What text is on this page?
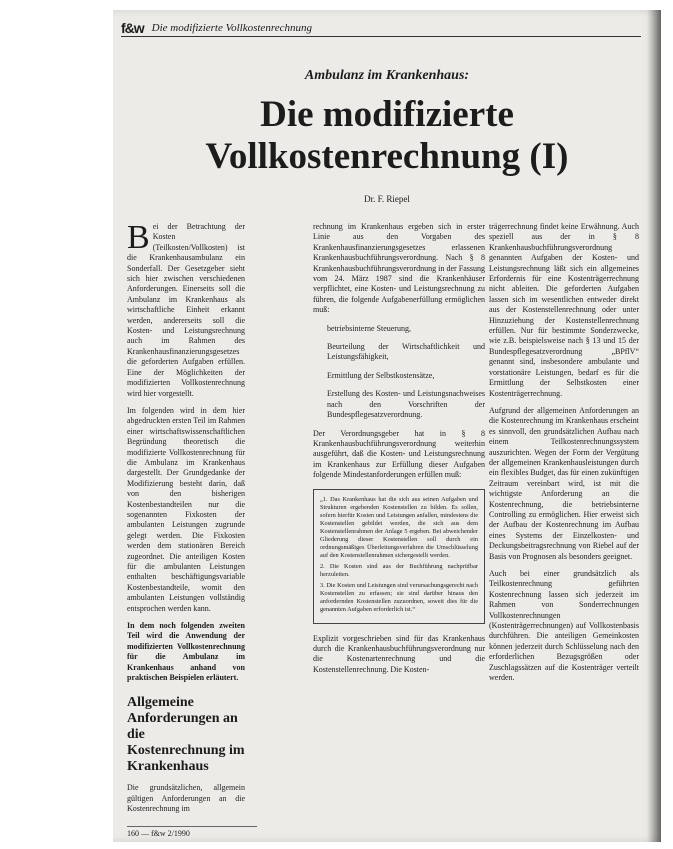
f&w Die modifizierte Vollkostenrechnung
Ambulanz im Krankenhaus:
Die modifizierte
Vollkostenrechnung (I)
Dr. F. Riepel

Bei der Betrachtung der Kosten (Teilkosten/Vollkosten) ist die Krankenhausambulanz ein Sonderfall. Der Gesetzgeber sieht sich hier zwischen verschiedenen Anforderungen. Einerseits soll die Ambulanz im Krankenhaus als wirtschaftliche Einheit erkannt werden, andererseits soll die Kosten- und Leistungsrechnung auch im Rahmen des Krankenhausfinanzierungsgesetzes die geforderten Aufgaben erfüllen. Eine der Möglichkeiten der modifizierten Vollkostenrechnung wird hier vorgestellt.

Im folgenden wird in dem hier abgedruckten ersten Teil im Rahmen einer wirtschaftswissenschaftlichen Begründung theoretisch die modifizierte Vollkostenrechnung für die Ambulanz im Krankenhaus dargestellt. Der Grundgedanke der Modifizierung besteht darin, daß von den bisherigen Kostenbestandteilen nur die sogenannten Fixkosten der ambulanten Leistungen zugrunde gelegt werden. Die Fixkosten werden dem stationären Bereich zugeordnet. Die anteiligen Kosten für die ambulanten Leistungen enthalten beschäftigungsvariable Kostenbestandteile, womit den ambulanten Leistungen vollständig entsprochen werden kann.

In dem noch folgenden zweiten Teil wird die Anwendung der modifizierten Vollkostenrechnung für die Ambulanz im Krankenhaus anhand von praktischen Beispielen erläutert.

Allgemeine Anforderungen an die Kostenrechnung im Krankenhaus

Die grundsätzlichen, allgemein gültigen Anforderungen an die Kostenrechnung im

rechnung im Krankenhaus ergeben sich in erster Linie aus den Vorgaben des Krankenhausfinanzierungsgesetzes erlassenen Krankenhausbuchführungsverordnung. Nach § 8 Krankenhausbuchführungsverordnung in der Fassung vom 24. März 1987 sind die Krankenhäuser verpflichtet, eine Kosten- und Leistungsrechnung zu führen, die folgende Aufgabenerfüllung ermöglichen muß:

betriebsinterne Steuerung,
Beurteilung der Wirtschaftlichkeit und Leistungsfähigkeit,
Ermittlung der Selbstkostensätze,
Erstellung des Kosten- und Leistungsnachweises nach den Vorschriften der Bundespflegesatzverordnung.

Der Verordnungsgeber hat in § 8 Krankenhausbuchführungsverordnung weiterhin ausgeführt, daß die Kosten- und Leistungsrechnung im Krankenhaus zur Erfüllung dieser Aufgaben folgende Mindestanforderungen erfüllen muß:

„1. Das Krankenhaus hat die sich aus seinen Aufgaben und Strukturen ergebenden Kostenstellen zu bilden. Es sollen, sofern hierfür Kosten und Leistungen anfallen, mindestens die Kostenstellen gebildet werden, die sich aus dem Kostenstellenrahmen der Anlage 5 ergeben. Bei abweichender Gliederung dieser Kostenstellen soll durch ein ordnungsmäßiges Überleitungsverfahren die Umschlüsselung auf den Kostenstellenrahmen sichergestellt werden.

2. Die Kosten sind aus der Buchführung nachprüfbar herzuleiten.

3. Die Kosten und Leistungen sind verursachungsgerecht nach Kostenstellen zu erfassen; sie sind darüber hinaus den anfordernden Kostenstellen zuzuordnen, soweit dies für die genannten Aufgaben erforderlich ist.“

Explizit vorgeschrieben sind für das Krankenhaus durch die Krankenhausbuchführungsverordnung nur die Kostenartenrechnung und die Kostenstellenrechnung. Die Kosten-

trägerrechnung findet keine Erwähnung. Auch speziell aus der in § 8 Krankenhausbuchführungsverordnung genannten Aufgaben der Kosten- und Leistungsrechnung läßt sich ein allgemeines Erfordernis für eine Kostenträgerrechnung nicht ableiten. Die geforderten Aufgaben lassen sich im wesentlichen entweder direkt aus der Kostenstellenrechnung oder unter Hinzuziehung der Kostenstellenrechnung erfüllen. Nur für bestimmte Sonderzwecke, wie z.B. beispielsweise nach § 13 und 15 der Bundespflegesatzverordnung „BPflV“ genannt sind, insbesondere ambulante und vorstationäre Leistungen, bedarf es für die Ermittlung der Selbstkosten einer Kostenträgerrechnung.

Aufgrund der allgemeinen Anforderungen an die Kostenrechnung im Krankenhaus erscheint es sinnvoll, den grundsätzlichen Aufbau nach einem Teilkostenrechnungssystem auszurichten. Wegen der Form der Vergütung der allgemeinen Krankenhausleistungen durch ein flexibles Budget, das für einen zukünftigen Zeitraum vereinbart wird, ist mit die wichtigste Anforderung an die Kostenrechnung, die betriebsinterne Controlling zu ermöglichen. Hier erweist sich der Aufbau der Kostenrechnung im Aufbau eines Systems der Einzelkosten- und Deckungsbeitragsrechnung von Riebel auf der Basis von Prognosen als besonders geeignet.

Auch bei einer grundsätzlich als Teilkostenrechnung geführten Kostenrechnung lassen sich jederzeit im Rahmen von Sonderrechnungen Vollkostenrechnungen (Kostenträgerrechnungen) auf Vollkostenbasis durchführen. Die anteiligen Gemeinkosten können jederzeit durch Schlüsselung nach den erforderlichen Bezugsgrößen oder Zuschlagssätzen auf die Kostenträger verteilt werden.

160 — f&w 2/1990
